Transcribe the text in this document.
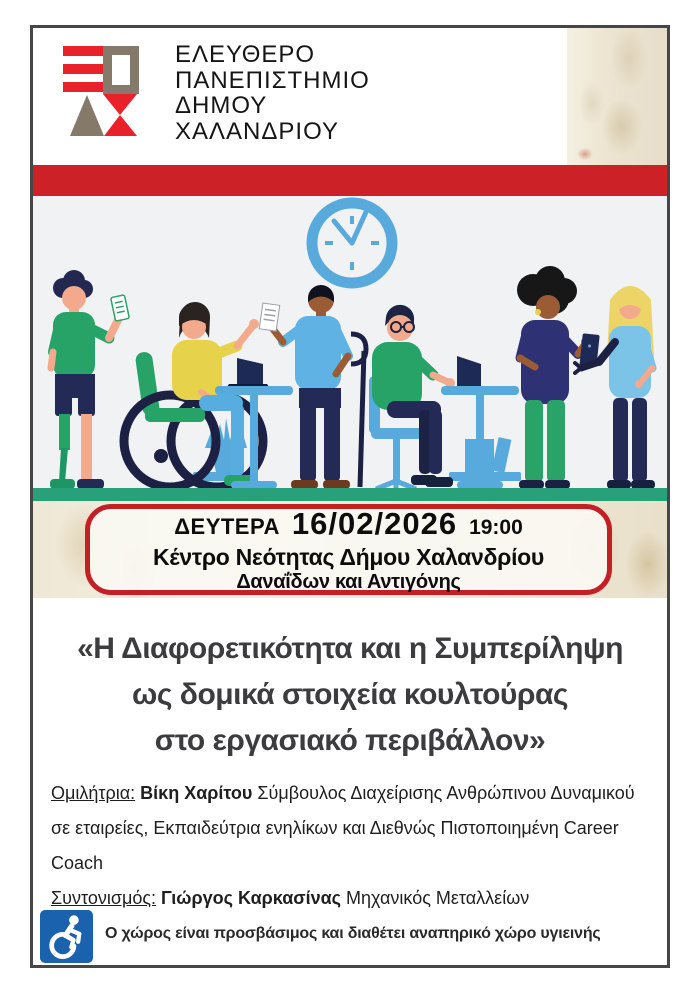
ΕΛΕΥΘΕΡΟ
ΠΑΝΕΠΙΣΤΗΜΙΟ
ΔΗΜΟΥ
ΧΑΛΑΝΔΡΙΟΥ
ΔΕΥΤΕΡΑ 16/02/2026 19:00
Κέντρο Νεότητας Δήμου Χαλανδρίου
Δαναΐδων και Αντιγόνης
«Η Διαφορετικότητα και η Συμπερίληψη
ως δομικά στοιχεία κουλτούρας
στο εργασιακό περιβάλλον»

Ομιλήτρια: Βίκη Χαρίτου Σύμβουλος Διαχείρισης Ανθρώπινου Δυναμικού σε εταιρείες, Εκπαιδεύτρια ενηλίκων και Διεθνώς Πιστοποιημένη Career Coach

Συντονισμός: Γιώργος Καρκασίνας Μηχανικός Μεταλλείων

Ο χώρος είναι προσβάσιμος και διαθέτει αναπηρικό χώρο υγιεινής
